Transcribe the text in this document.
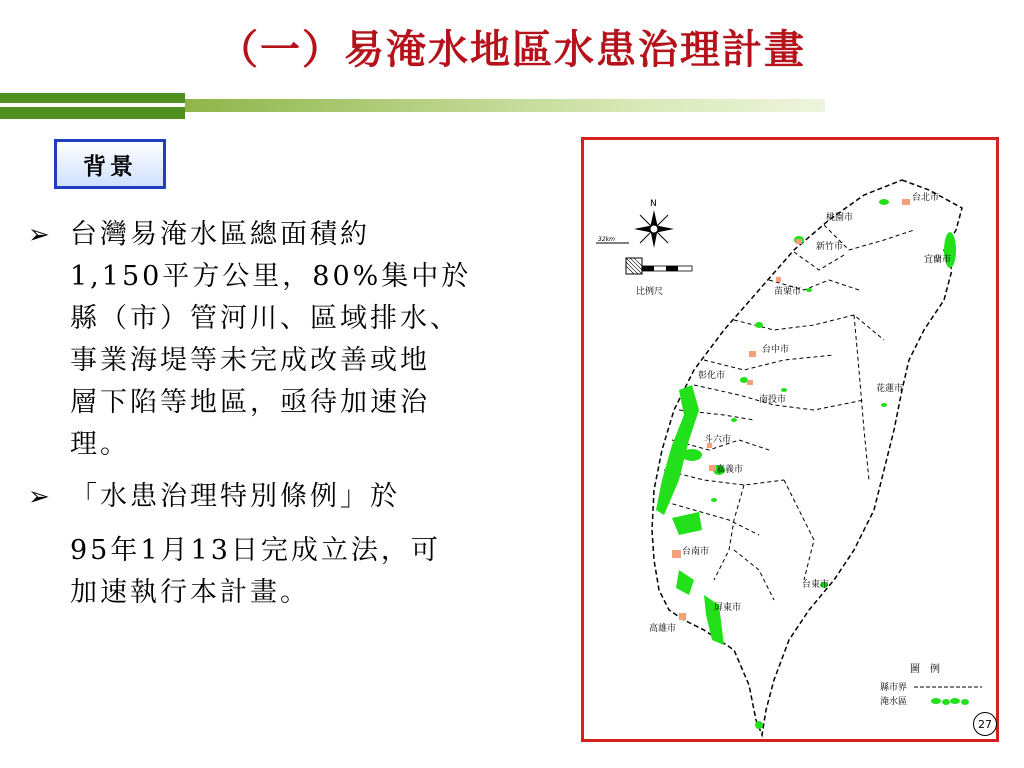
（一）易淹水地區水患治理計畫
背景
➢ 台灣易淹水區總面積約
1,150平方公里，80%集中於
縣（市）管河川、區域排水、
事業海堤等未完成改善或地
層下陷等地區，亟待加速治
理。
➢ 「水患治理特別條例」於
95年1月13日完成立法，可
加速執行本計畫。
台北市
桃園市
新竹市
宜蘭市
苗栗市
台中市
彰化市
南投市
花蓮市
斗六市
嘉義市
台南市
台東市
屏東市
高雄市
N
32km
比例尺
圖　例
縣市界
淹水區
27
